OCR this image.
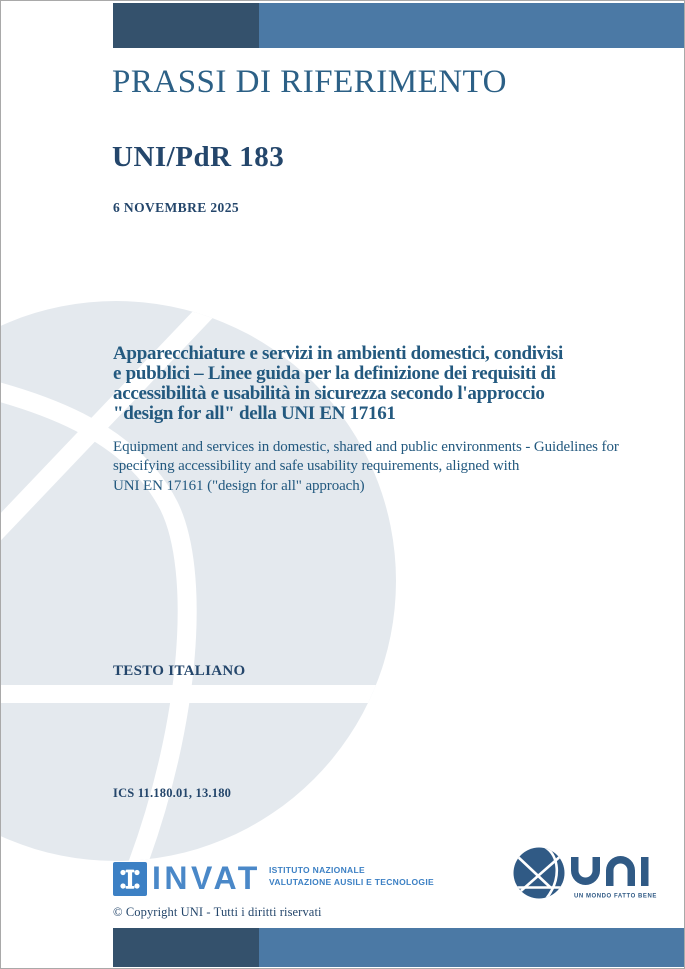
PRASSI DI RIFERIMENTO
UNI/PdR 183
6 NOVEMBRE 2025
Apparecchiature e servizi in ambienti domestici, condivisi
e pubblici – Linee guida per la definizione dei requisiti di
accessibilità e usabilità in sicurezza secondo l'approccio
"design for all" della UNI EN 17161
Equipment and services in domestic, shared and public environments - Guidelines for
specifying accessibility and safe usability requirements, aligned with
UNI EN 17161 ("design for all" approach)
TESTO ITALIANO
ICS 11.180.01, 13.180
INVAT ISTITUTO NAZIONALE
VALUTAZIONE AUSILI E TECNOLOGIE
© Copyright UNI - Tutti i diritti riservati
UN MONDO FATTO BENE
